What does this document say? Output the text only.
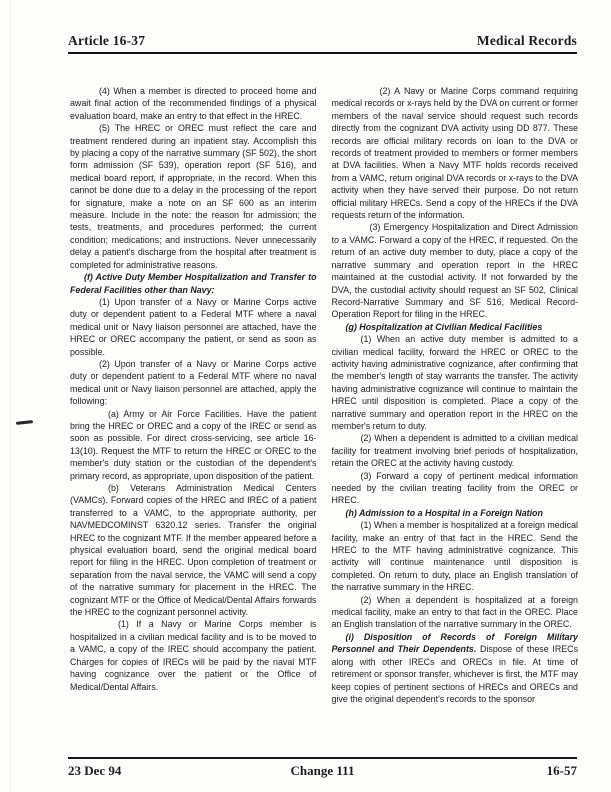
Article 16-37	Medical Records

(4) When a member is directed to proceed home and await final action of the recommended findings of a physical evaluation board, make an entry to that effect in the HREC.

(5) The HREC or OREC must reflect the care and treatment rendered during an inpatient stay. Accomplish this by placing a copy of the narrative summary (SF 502), the short form admission (SF 539), operation report (SF 516), and medical board report, if appropriate, in the record. When this cannot be done due to a delay in the processing of the report for signature, make a note on an SF 600 as an interim measure. Include in the note: the reason for admission; the tests, treatments, and procedures performed; the current condition; medications; and instructions. Never unnecessarily delay a patient's discharge from the hospital after treatment is completed for administrative reasons.

(f) Active Duty Member Hospitalization and Transfer to Federal Facilities other than Navy:

(1) Upon transfer of a Navy or Marine Corps active duty or dependent patient to a Federal MTF where a naval medical unit or Navy liaison personnel are attached, have the HREC or OREC accompany the patient, or send as soon as possible.

(2) Upon transfer of a Navy or Marine Corps active duty or dependent patient to a Federal MTF where no naval medical unit or Navy liaison personnel are attached, apply the following:

(a) Army or Air Force Facilities. Have the patient bring the HREC or OREC and a copy of the IREC or send as soon as possible. For direct cross-servicing, see article 16-13(10). Request the MTF to return the HREC or OREC to the member's duty station or the custodian of the dependent's primary record, as appropriate, upon disposition of the patient.

(b) Veterans Administration Medical Centers (VAMCs). Forward copies of the HREC and IREC of a patient transferred to a VAMC, to the appropriate authority, per NAVMEDCOMINST 6320.12 series. Transfer the original HREC to the cognizant MTF. If the member appeared before a physical evaluation board, send the original medical board report for filing in the HREC. Upon completion of treatment or separation from the naval service, the VAMC will send a copy of the narrative summary for placement in the HREC. The cognizant MTF or the Office of Medical/Dental Affairs forwards the HREC to the cognizant personnel activity.

(1) If a Navy or Marine Corps member is hospitalized in a civilian medical facility and is to be moved to a VAMC, a copy of the IREC should accompany the patient. Charges for copies of IRECs will be paid by the naval MTF having cognizance over the patient or the Office of Medical/Dental Affairs.

(2) A Navy or Marine Corps command requiring medical records or x-rays held by the DVA on current or former members of the naval service should request such records directly from the cognizant DVA activity using DD 877. These records are official military records on loan to the DVA or records of treatment provided to members or former members at DVA facilities. When a Navy MTF holds records received from a VAMC, return original DVA records or x-rays to the DVA activity when they have served their purpose. Do not return official military HRECs. Send a copy of the HRECs if the DVA requests return of the information.

(3) Emergency Hospitalization and Direct Admission to a VAMC. Forward a copy of the HREC, if requested. On the return of an active duty member to duty, place a copy of the narrative summary and operation report in the HREC maintained at the custodial activity. If not forwarded by the DVA, the custodial activity should request an SF 502, Clinical Record-Narrative Summary and SF 516, Medical Record-Operation Report for filing in the HREC.

(g) Hospitalization at Civilian Medical Facilities

(1) When an active duty member is admitted to a civilian medical facility, forward the HREC or OREC to the activity having administrative cognizance, after confirming that the member's length of stay warrants the transfer. The activity having administrative cognizance will continue to maintain the HREC until disposition is completed. Place a copy of the narrative summary and operation report in the HREC on the member's return to duty.

(2) When a dependent is admitted to a civilian medical facility for treatment involving brief periods of hospitalization, retain the OREC at the activity having custody.

(3) Forward a copy of pertinent medical information needed by the civilian treating facility from the OREC or HREC.

(h) Admission to a Hospital in a Foreign Nation

(1) When a member is hospitalized at a foreign medical facility, make an entry of that fact in the HREC. Send the HREC to the MTF having administrative cognizance. This activity will continue maintenance until disposition is completed. On return to duty, place an English translation of the narrative summary in the HREC.

(2) When a dependent is hospitalized at a foreign medical facility, make an entry to that fact in the OREC. Place an English translation of the narrative summary in the OREC.

(i) Disposition of Records of Foreign Military Personnel and Their Dependents. Dispose of these IRECs along with other IRECs and ORECs in file. At time of retirement or sponsor transfer, whichever is first, the MTF may keep copies of pertinent sections of HRECs and ORECs and give the original dependent's records to the sponsor

23 Dec 94	Change 111	16-57
